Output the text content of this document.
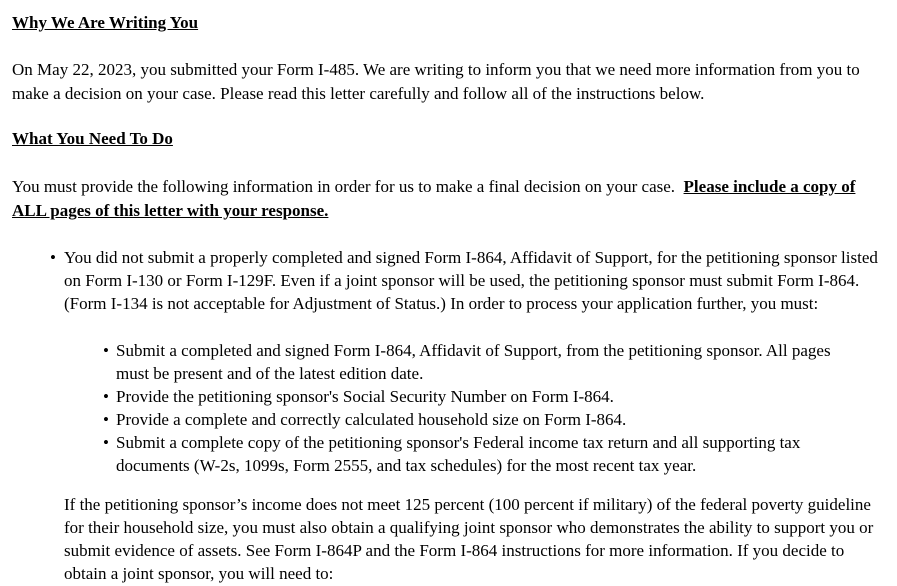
Why We Are Writing You
On May 22, 2023, you submitted your Form I-485. We are writing to inform you that we need more information from you to make a decision on your case. Please read this letter carefully and follow all of the instructions below.
What You Need To Do
You must provide the following information in order for us to make a final decision on your case. Please include a copy of ALL pages of this letter with your response.
• You did not submit a properly completed and signed Form I-864, Affidavit of Support, for the petitioning sponsor listed on Form I-130 or Form I-129F. Even if a joint sponsor will be used, the petitioning sponsor must submit Form I-864. (Form I-134 is not acceptable for Adjustment of Status.) In order to process your application further, you must:
• Submit a completed and signed Form I-864, Affidavit of Support, from the petitioning sponsor. All pages must be present and of the latest edition date.
• Provide the petitioning sponsor's Social Security Number on Form I-864.
• Provide a complete and correctly calculated household size on Form I-864.
• Submit a complete copy of the petitioning sponsor's Federal income tax return and all supporting tax documents (W-2s, 1099s, Form 2555, and tax schedules) for the most recent tax year.
If the petitioning sponsor’s income does not meet 125 percent (100 percent if military) of the federal poverty guideline for their household size, you must also obtain a qualifying joint sponsor who demonstrates the ability to support you or submit evidence of assets. See Form I-864P and the Form I-864 instructions for more information. If you decide to obtain a joint sponsor, you will need to:
